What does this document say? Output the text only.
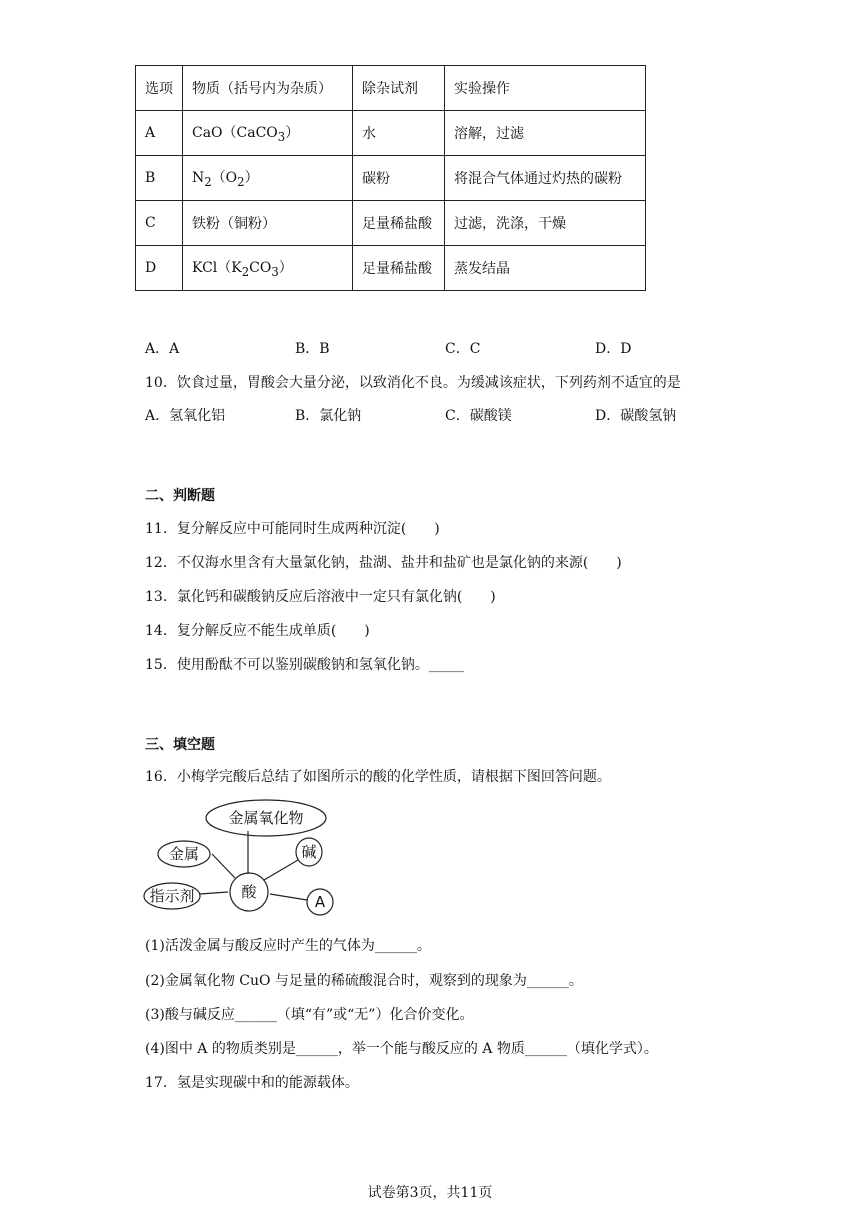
选项	物质（括号内为杂质）	除杂试剂	实验操作
A	CaO（CaCO$_3$）	水	溶解，过滤
B	$N_2(O_2)$	碳粉	将混合气体通过灼热的碳粉
C	铁粉（铜粉）	足量稀盐酸	过滤，洗涤，干燥
D	$KCl(K_2CO_3)$	足量稀盐酸	蒸发结晶
A．A	B．B	C．C	D．D
10．饮食过量，胃酸会大量分泌，以致消化不良。为缓减该症状，下列药剂不适宜的是
A．氢氧化铝	B．氯化钠	C．碳酸镁	D．碳酸氢钠
二、判断题
11．复分解反应中可能同时生成两种沉淀(　　)
12．不仅海水里含有大量氯化钠，盐湖、盐井和盐矿也是氯化钠的来源(　　)
13．氯化钙和碳酸钠反应后溶液中一定只有氯化钠(　　)
14．复分解反应不能生成单质(　　)
15．使用酚酞不可以鉴别碳酸钠和氢氧化钠。_____
三、填空题
16．小梅学完酸后总结了如图所示的酸的化学性质，请根据下图回答问题。
金属氧化物
金属	碱
指示剂	酸
A
(1)活泼金属与酸反应时产生的气体为______。
(2)金属氧化物 CuO 与足量的稀硫酸混合时，观察到的现象为______。
(3)酸与碱反应______（填“有”或“无”）化合价变化。
(4)图中 A 的物质类别是______，举一个能与酸反应的 A 物质______（填化学式）。
17．氢是实现碳中和的能源载体。
试卷第3页，共11页
